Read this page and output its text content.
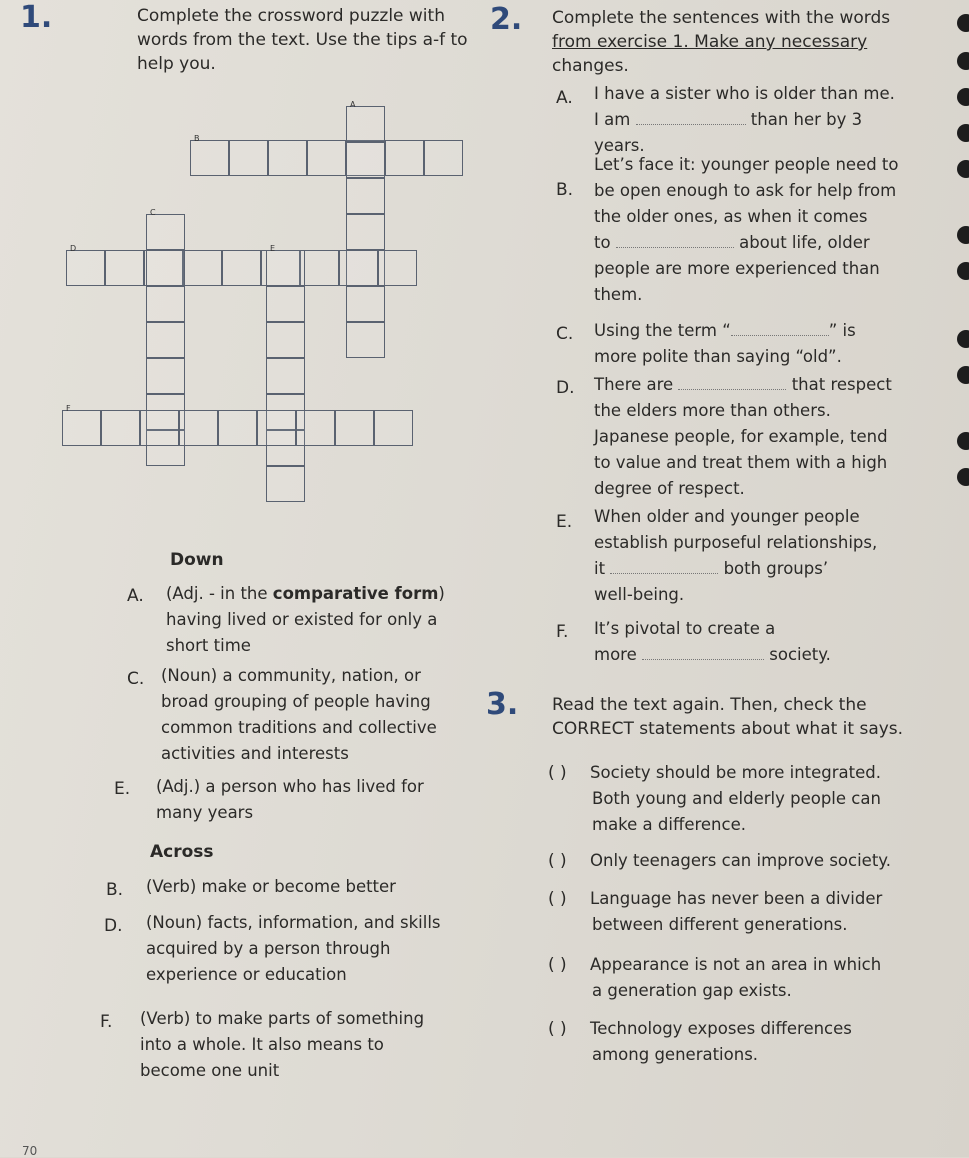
1.	Complete the crossword puzzle with
words from the text. Use the tips a-f to
help you.
A
B
C
D	E
F
2. Complete the sentences with the words
from exercise 1. Make any necessary
changes.
A. I have a sister who is older than me.
I am	than her by 3
years.
B.
Let’s face it: younger people need to
be open enough to ask for help from
the older ones, as when it comes
to	about life, older
people are more experienced than
them.
C. Using the term “	” is
more polite than saying “old”.
D. There are	that respect
the elders more than others.
Japanese people, for example, tend
to value and treat them with a high
degree of respect.
E. When older and younger people
establish purposeful relationships,
it	both groups’
well-being.
F. It’s pivotal to create a
more	society.
3. Read the text again. Then, check the
CORRECT statements about what it says.
( ) Society should be more integrated.
Both young and elderly people can
make a difference.
( ) Only teenagers can improve society.
( ) Language has never been a divider
between different generations.
( ) Appearance is not an area in which
a generation gap exists.
( ) Technology exposes differences
among generations.
Down
A. (Adj. - in the comparative form)
having lived or existed for only a
short time
C. (Noun) a community, nation, or
broad grouping of people having
common traditions and collective
activities and interests
E. (Adj.) a person who has lived for
many years
Across
B. (Verb) make or become better
D. (Noun) facts, information, and skills
acquired by a person through
experience or education
F. (Verb) to make parts of something
into a whole. It also means to
become one unit
70
